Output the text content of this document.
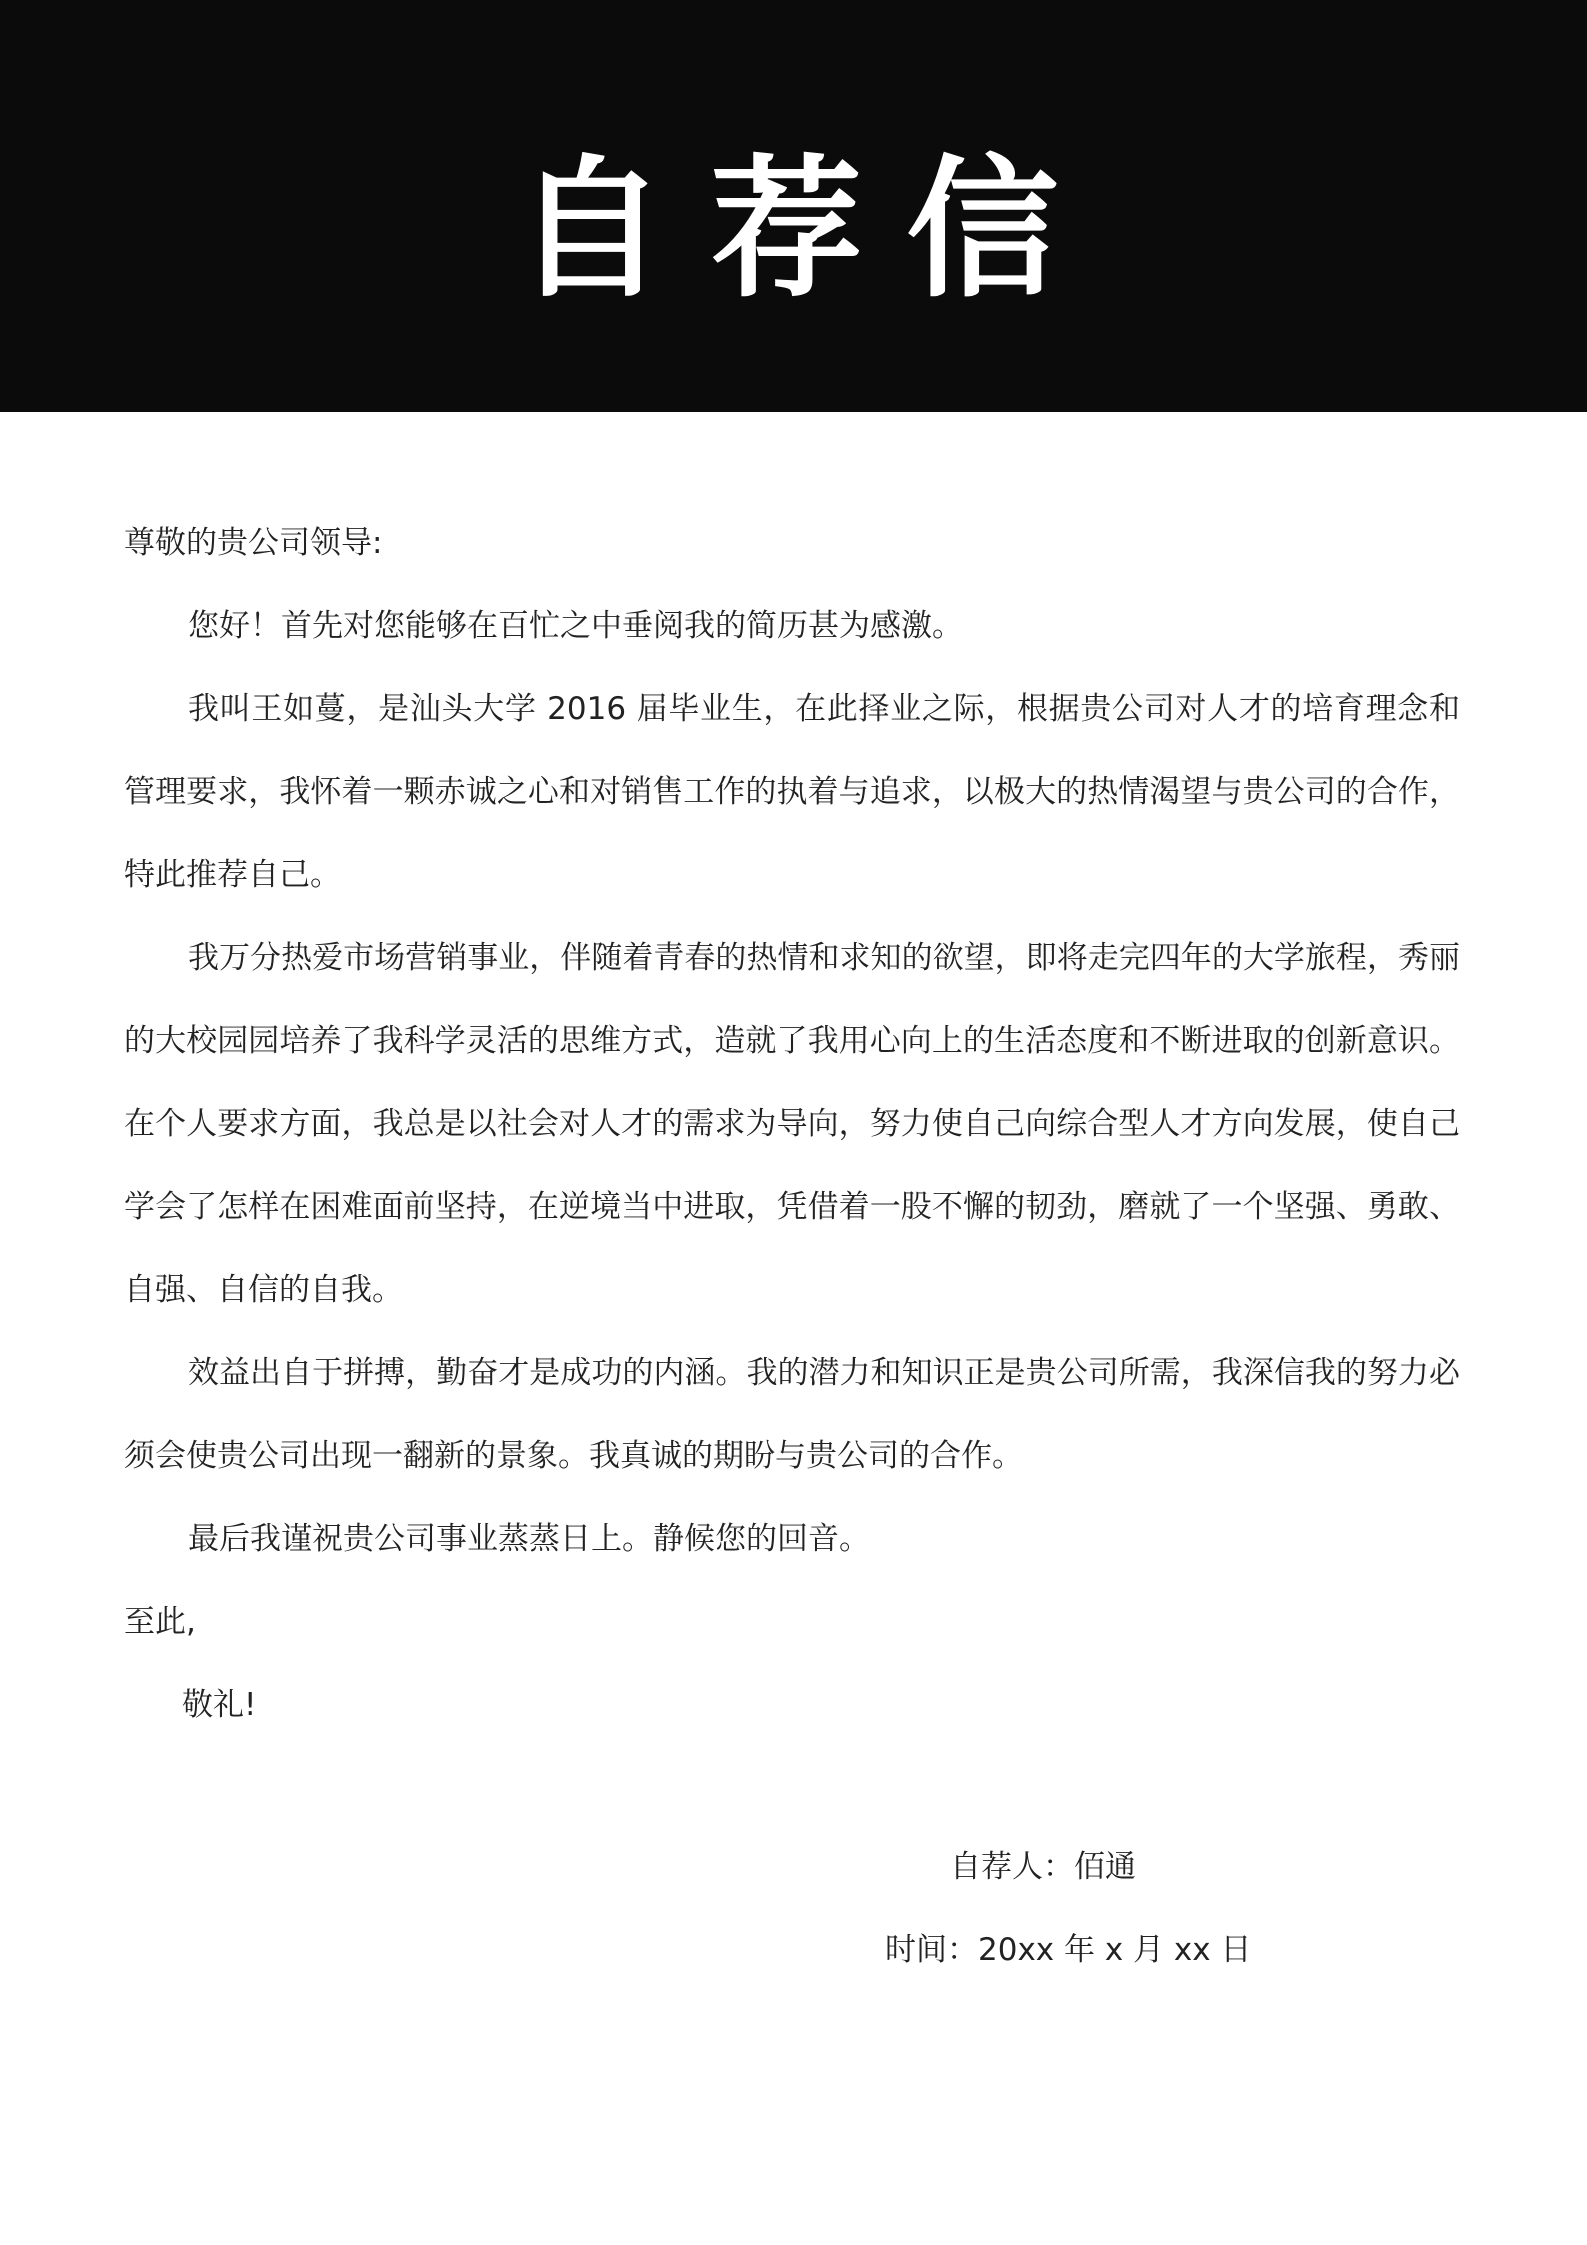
自荐信

尊敬的贵公司领导:

您好！首先对您能够在百忙之中垂阅我的简历甚为感激。

我叫王如蔓，是汕头大学 2016 届毕业生，在此择业之际，根据贵公司对人才的培育理念和管理要求，我怀着一颗赤诚之心和对销售工作的执着与追求，以极大的热情渴望与贵公司的合作，特此推荐自己。

我万分热爱市场营销事业，伴随着青春的热情和求知的欲望，即将走完四年的大学旅程，秀丽的大校园园培养了我科学灵活的思维方式，造就了我用心向上的生活态度和不断进取的创新意识。在个人要求方面，我总是以社会对人才的需求为导向，努力使自己向综合型人才方向发展，使自己学会了怎样在困难面前坚持，在逆境当中进取，凭借着一股不懈的韧劲，磨就了一个坚强、勇敢、自强、自信的自我。

效益出自于拼搏，勤奋才是成功的内涵。我的潜力和知识正是贵公司所需，我深信我的努力必须会使贵公司出现一翻新的景象。我真诚的期盼与贵公司的合作。

最后我谨祝贵公司事业蒸蒸日上。静候您的回音。

至此,

敬礼!

自荐人：佰通
时间：20xx 年 x 月 xx 日
